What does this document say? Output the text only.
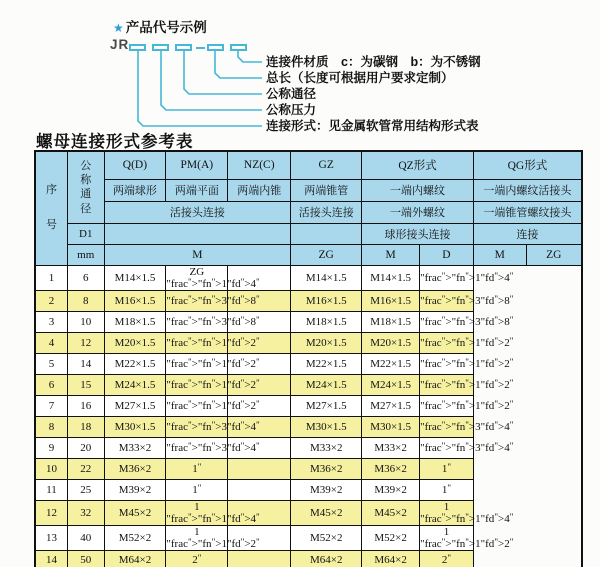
★ 产品代号示例
JR
连接件材质　c：为碳钢　b：为不锈钢
总长（长度可根据用户要求定制）
公称通径
公称压力
连接形式：见金属软管常用结构形式表
螺母连接形式参考表
序号	公称通径	Q(D)	PM(A)	NZ(C)	GZ	QZ形式		QG形式	
		两端球形	两端平面	两端内锥	两端锥管	一端内螺纹		一端内螺纹活接头	
		活接头连接			活接头连接	一端外螺纹		一端锥管螺纹接头	
	D1					球形接头连接		连接	
	mm	M			ZG	M	D	M	ZG
1	6	M14×1.5	ZG "frac">"fn">1" " "		M14×1.5	M14×1.5	"frac">"fn">1"fd">4"
2	8	M16×1.5	"frac">"fn">3" " "		M16×1.5	M16×1.5	"frac">"fn">3"fd">8"
3	10	M18×1.5	"frac">"fn">3" " "		M18×1.5	M18×1.5	"frac">"fn">3"fd">8"
4	12	M20×1.5	"frac">"fn">1" " "		M20×1.5	M20×1.5	"frac">"fn">1"fd">2"
5	14	M22×1.5	"frac">"fn">1" " "		M22×1.5	M22×1.5	"frac">"fn">1"fd">2"
6	15	M24×1.5	"frac">"fn">1" " "		M24×1.5	M24×1.5	"frac">"fn">1"fd">2"
7	16	M27×1.5	"frac">"fn">1" " "		M27×1.5	M27×1.5	"frac">"fn">1"fd">2"
8	18	M30×1.5	"frac">"fn">3" " "		M30×1.5	M30×1.5	"frac">"fn">3"fd">4"
9	20	M33×2	"frac">"fn">3" " "		M33×2	M33×2	"frac">"fn">3"fd">4"
10	22	M36×2	1"		M36×2	M36×2	1"
11	25	M39×2	1"		M39×2	M39×2	1"
12	32	M45×2	1 "frac">"fn">1" " "		M45×2	M45×2	1 "frac">"fn">1"fd">4"
13	40	M52×2	1 "frac">"fn">1" " "		M52×2	M52×2	1 "frac">"fn">1"fd">2"
14	50	M64×2	2"		M64×2	M64×2	2"
